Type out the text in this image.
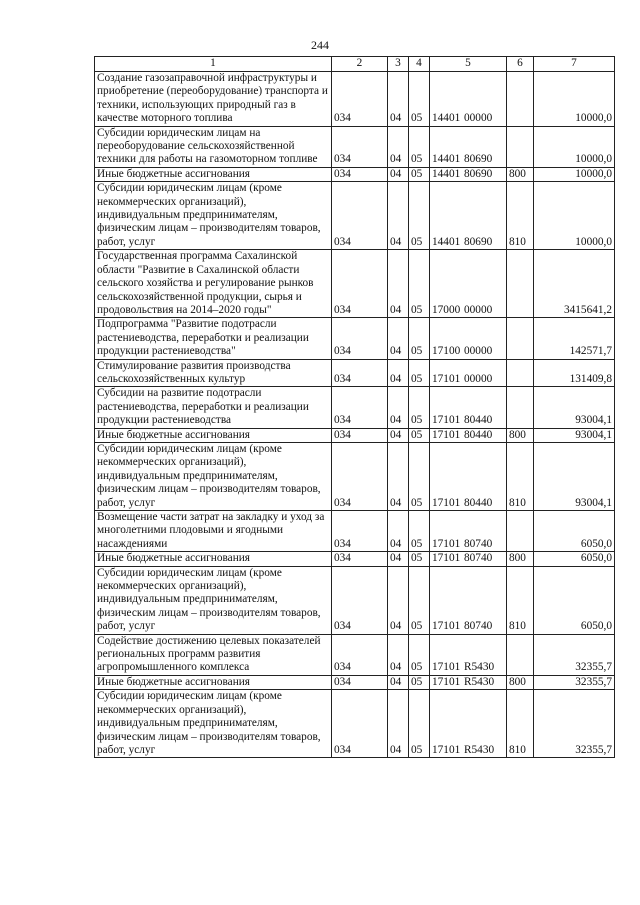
244
1	2	3	4	5	6	7
Создание газозаправочной инфраструктуры и приобретение (переоборудование) транспорта и техники, использующих природный газ в качестве моторного топлива	034	04	05	14401 00000		10000,0
Субсидии юридическим лицам на переоборудование сельскохозяйственной техники для работы на газомоторном топливе	034	04	05	14401 80690		10000,0
Иные бюджетные ассигнования	034	04	05	14401 80690	800	10000,0
Субсидии юридическим лицам (кроме некоммерческих организаций), индивидуальным предпринимателям, физическим лицам – производителям товаров, работ, услуг	034	04	05	14401 80690	810	10000,0
Государственная программа Сахалинской области "Развитие в Сахалинской области сельского хозяйства и регулирование рынков сельскохозяйственной продукции, сырья и продовольствия на 2014–2020 годы"	034	04	05	17000 00000		3415641,2
Подпрограмма "Развитие подотрасли растениеводства, переработки и реализации продукции растениеводства"	034	04	05	17100 00000		142571,7
Стимулирование развития производства сельскохозяйственных культур	034	04	05	17101 00000		131409,8
Субсидии на развитие подотрасли растениеводства, переработки и реализации продукции растениеводства	034	04	05	17101 80440		93004,1
Иные бюджетные ассигнования	034	04	05	17101 80440	800	93004,1
Субсидии юридическим лицам (кроме некоммерческих организаций), индивидуальным предпринимателям, физическим лицам – производителям товаров, работ, услуг	034	04	05	17101 80440	810	93004,1
Возмещение части затрат на закладку и уход за многолетними плодовыми и ягодными насаждениями	034	04	05	17101 80740		6050,0
Иные бюджетные ассигнования	034	04	05	17101 80740	800	6050,0
Субсидии юридическим лицам (кроме некоммерческих организаций), индивидуальным предпринимателям, физическим лицам – производителям товаров, работ, услуг	034	04	05	17101 80740	810	6050,0
Содействие достижению целевых показателей региональных программ развития агропромышленного комплекса	034	04	05	17101 R5430		32355,7
Иные бюджетные ассигнования	034	04	05	17101 R5430	800	32355,7
Субсидии юридическим лицам (кроме некоммерческих организаций), индивидуальным предпринимателям, физическим лицам – производителям товаров, работ, услуг	034	04	05	17101 R5430	810	32355,7
